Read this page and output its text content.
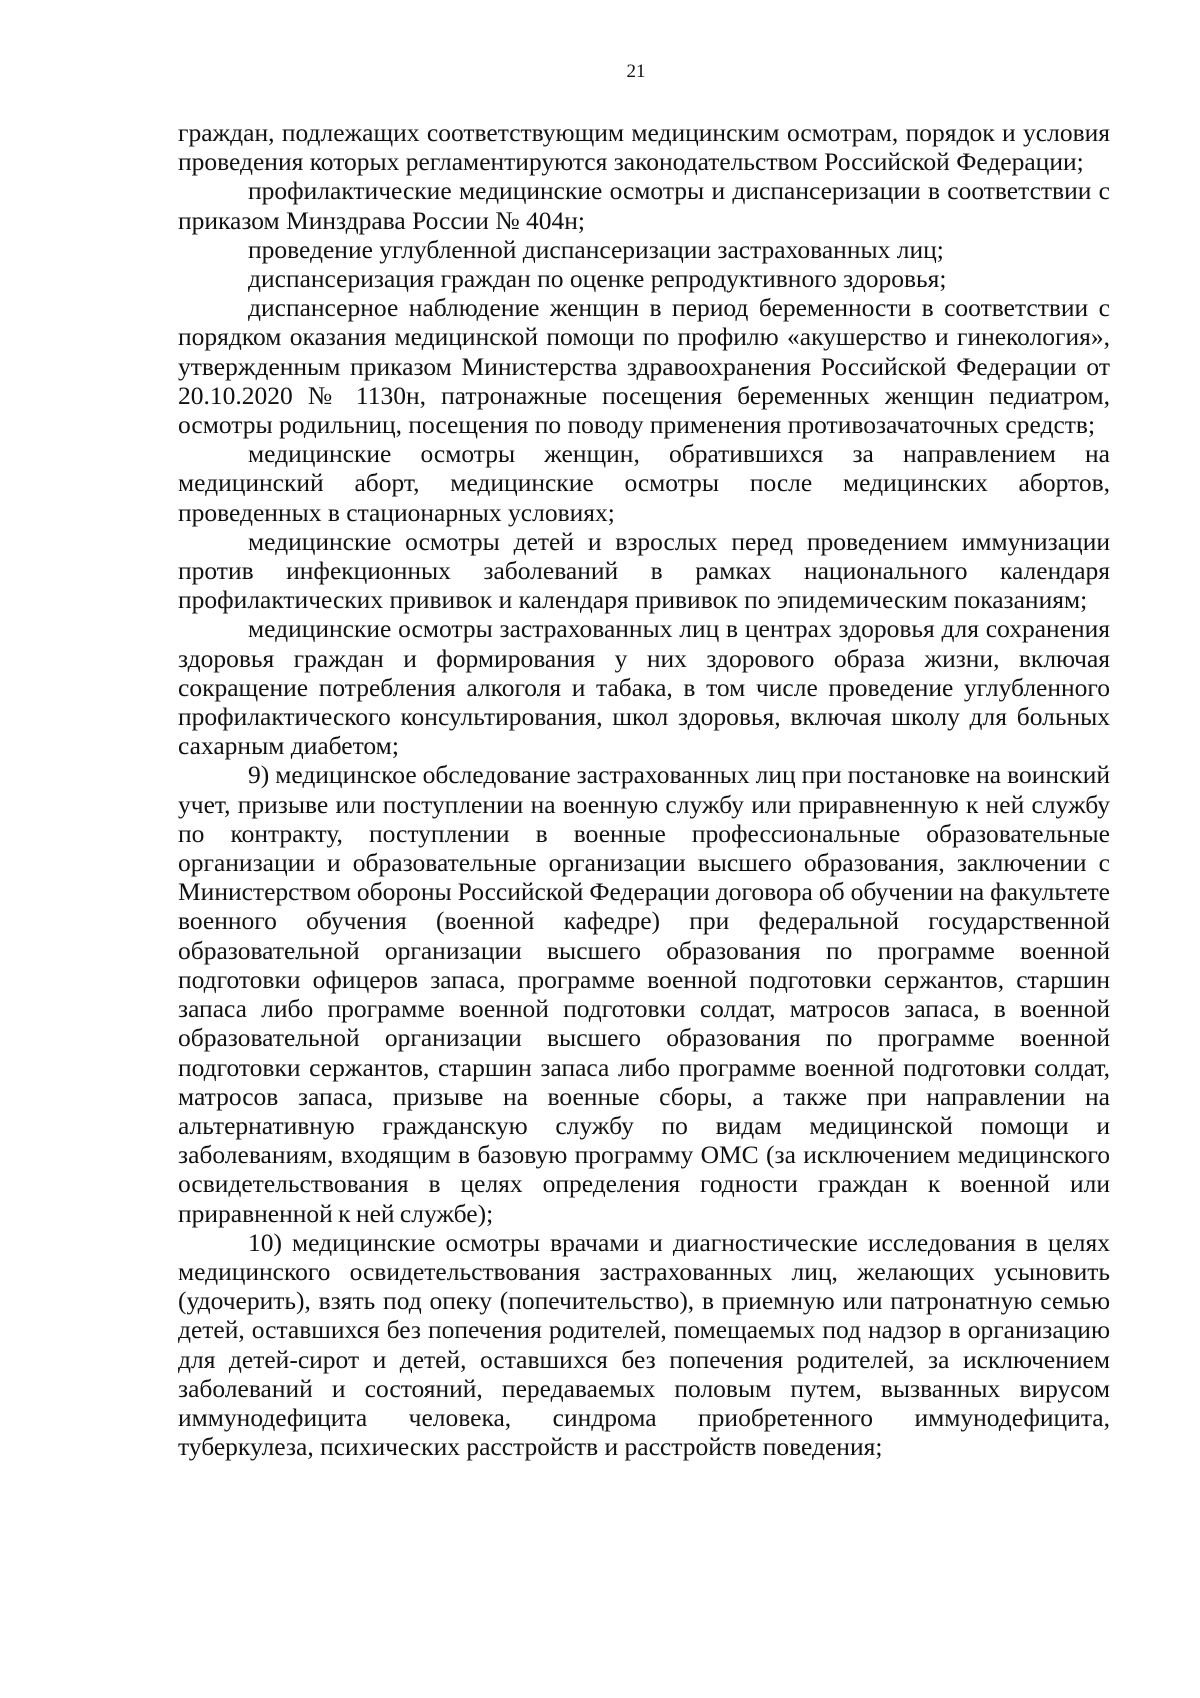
21

граждан, подлежащих соответствующим медицинским осмотрам, порядок и условия проведения которых регламентируются законодательством Российской Федерации;

профилактические медицинские осмотры и диспансеризации в соответствии с приказом Минздрава России № 404н;

проведение углубленной диспансеризации застрахованных лиц;

диспансеризация граждан по оценке репродуктивного здоровья;

диспансерное наблюдение женщин в период беременности в соответствии с порядком оказания медицинской помощи по профилю «акушерство и гинекология», утвержденным приказом Министерства здравоохранения Российской Федерации от 20.10.2020 № 1130н, патронажные посещения беременных женщин педиатром, осмотры родильниц, посещения по поводу применения противозачаточных средств;

медицинские осмотры женщин, обратившихся за направлением на медицинский аборт, медицинские осмотры после медицинских абортов, проведенных в стационарных условиях;

медицинские осмотры детей и взрослых перед проведением иммунизации против инфекционных заболеваний в рамках национального календаря профилактических прививок и календаря прививок по эпидемическим показаниям;

медицинские осмотры застрахованных лиц в центрах здоровья для сохранения здоровья граждан и формирования у них здорового образа жизни, включая сокращение потребления алкоголя и табака, в том числе проведение углубленного профилактического консультирования, школ здоровья, включая школу для больных сахарным диабетом;

9) медицинское обследование застрахованных лиц при постановке на воинский учет, призыве или поступлении на военную службу или приравненную к ней службу по контракту, поступлении в военные профессиональные образовательные организации и образовательные организации высшего образования, заключении с Министерством обороны Российской Федерации договора об обучении на факультете военного обучения (военной кафедре) при федеральной государственной образовательной организации высшего образования по программе военной подготовки офицеров запаса, программе военной подготовки сержантов, старшин запаса либо программе военной подготовки солдат, матросов запаса, в военной образовательной организации высшего образования по программе военной подготовки сержантов, старшин запаса либо программе военной подготовки солдат, матросов запаса, призыве на военные сборы, а также при направлении на альтернативную гражданскую службу по видам медицинской помощи и заболеваниям, входящим в базовую программу ОМС (за исключением медицинского освидетельствования в целях определения годности граждан к военной или приравненной к ней службе);

10) медицинские осмотры врачами и диагностические исследования в целях медицинского освидетельствования застрахованных лиц, желающих усыновить (удочерить), взять под опеку (попечительство), в приемную или патронатную семью детей, оставшихся без попечения родителей, помещаемых под надзор в организацию для детей-сирот и детей, оставшихся без попечения родителей, за исключением заболеваний и состояний, передаваемых половым путем, вызванных вирусом иммунодефицита человека, синдрома приобретенного иммунодефицита, туберкулеза, психических расстройств и расстройств поведения;
